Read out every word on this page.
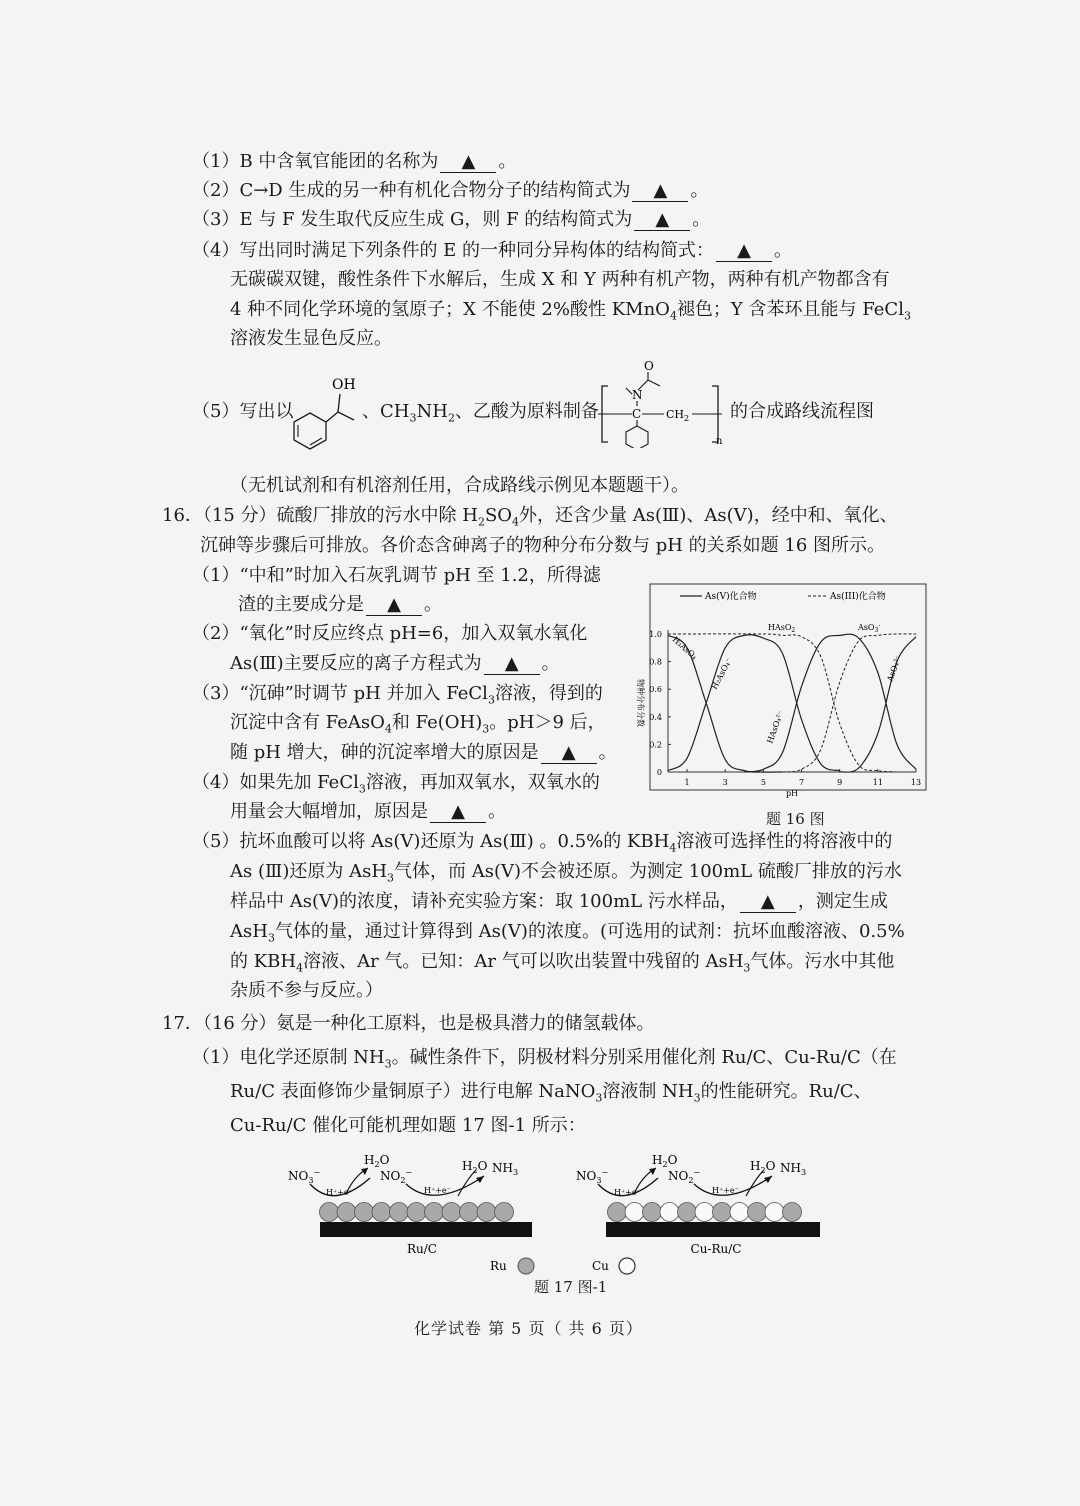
（1）B 中含氧官能团的名称为 ▲ 。
（2）C→D 生成的另一种有机化合物分子的结构简式为 ▲ 。
（3）E 与 F 发生取代反应生成 G，则 F 的结构简式为 ▲ 。
（4）写出同时满足下列条件的 E 的一种同分异构体的结构简式： ▲ 。
无碳碳双键，酸性条件下水解后，生成 X 和 Y 两种有机产物，两种有机产物都含有
4 种不同化学环境的氢原子；X 不能使 2%酸性 KMnO$_4$褪色；Y 含苯环且能与 FeCl$_3$
溶液发生显色反应。
（5）写出以
OH
、$CH_3NH_2$、乙酸为原料制备
O
N
C $CH_2$
n
的合成路线流程图
（无机试剂和有机溶剂任用，合成路线示例见本题题干）。
16．（15 分）硫酸厂排放的污水中除 $H_2SO_4$外，还含少量 As(Ⅲ)、As(Ⅴ)，经中和、氧化、
沉砷等步骤后可排放。各价态含砷离子的物种分布分数与 pH 的关系如题 16 图所示。
（1）“中和”时加入石灰乳调节 pH 至 1.2，所得滤
渣的主要成分是 ▲ 。
（2）“氧化”时反应终点 pH=6，加入双氧水氧化
As(Ⅲ)主要反应的离子方程式为 ▲ 。
（3）“沉砷”时调节 pH 并加入 FeCl$_3$溶液，得到的
沉淀中含有 FeAsO$_4$和 $Fe(OH)_3$。pH＞9 后，
随 pH 增大，砷的沉淀率增大的原因是 ▲ 。
（4）如果先加 FeCl$_3$溶液，再加双氧水，双氧水的
用量会大幅增加，原因是 ▲ 。
As(V)化合物	As(III)化合物
0
0.2
0.4
0.6
0.8
1.0
1	3	5	7	9	11	13
pH
物种分布分数
HAsO$_2$	AsO$_3$-
H₃AsO₄
H₂AsO₄⁻
HAsO₄²⁻
AsO₄³⁻
题 16 图
（5）抗坏血酸可以将 As(Ⅴ)还原为 As(Ⅲ) 。0.5%的 $KBH_4$溶液可选择性的将溶液中的
As (Ⅲ)还原为 AsH$_3$气体，而 As(Ⅴ)不会被还原。为测定 100mL 硫酸厂排放的污水
样品中 As(Ⅴ)的浓度，请补充实验方案：取 100mL 污水样品， ▲ ，测定生成
AsH$_3$气体的量，通过计算得到 As(Ⅴ)的浓度。(可选用的试剂：抗坏血酸溶液、0.5%
的 $KBH_4$溶液、Ar 气。已知：Ar 气可以吹出装置中残留的 AsH$_3$气体。污水中其他
杂质不参与反应。）
17．（16 分）氨是一种化工原料，也是极具潜力的储氢载体。
（1）电化学还原制 $NH_3$。碱性条件下，阴极材料分别采用催化剂 Ru/C、Cu-Ru/C（在
Ru/C 表面修饰少量铜原子）进行电解 NaNO$_3$溶液制 $NH_3$的性能研究。Ru/C、
Cu-Ru/C 催化可能机理如题 17 图-1 所示：
Ru/C	Cu-Ru/C
$NO_3^-$
$H_2O$
H⁺+e⁻
$NO_2^-$	$H_2O$ $NH_3$
H⁺+e⁻
$NO_3^-$
$H_2O$
H⁺+e⁻
$NO_2^-$	$H_2O$ $NH_3$
H⁺+e⁻
Ru	Cu
题 17 图-1
化学试卷 第 5 页（ 共 6 页）
